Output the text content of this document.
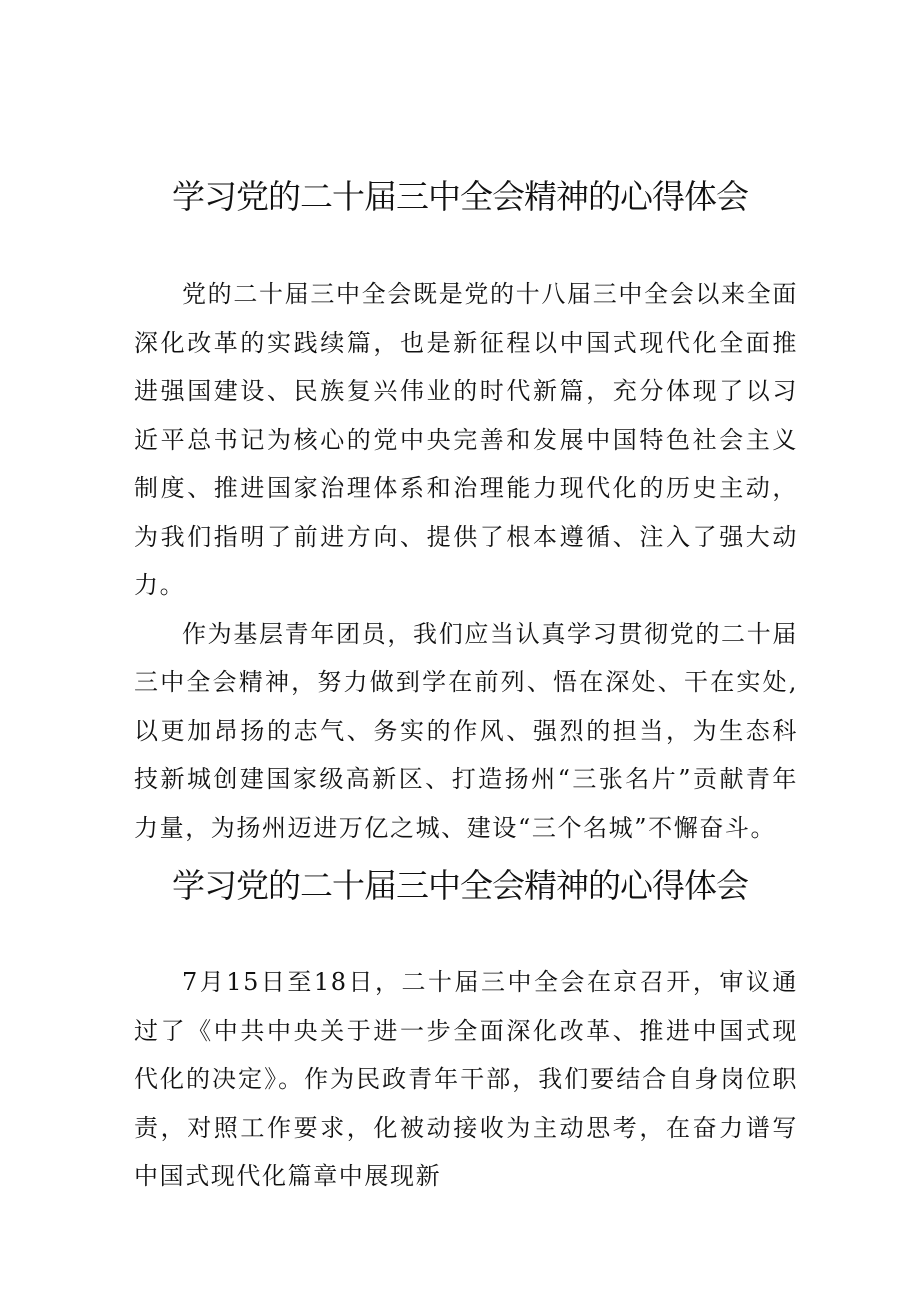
学习党的二十届三中全会精神的心得体会

党的二十届三中全会既是党的十八届三中全会以来全面深化改革的实践续篇，也是新征程以中国式现代化全面推进强国建设、民族复兴伟业的时代新篇，充分体现了以习近平总书记为核心的党中央完善和发展中国特色社会主义制度、推进国家治理体系和治理能力现代化的历史主动，为我们指明了前进方向、提供了根本遵循、注入了强大动力。

作为基层青年团员，我们应当认真学习贯彻党的二十届三中全会精神，努力做到学在前列、悟在深处、干在实处,以更加昂扬的志气、务实的作风、强烈的担当，为生态科技新城创建国家级高新区、打造扬州“三张名片”贡献青年力量，为扬州迈进万亿之城、建设“三个名城”不懈奋斗。

学习党的二十届三中全会精神的心得体会

7月15日至18日，二十届三中全会在京召开，审议通过了《中共中央关于进一步全面深化改革、推进中国式现代化的决定》。作为民政青年干部，我们要结合自身岗位职责，对照工作要求，化被动接收为主动思考，在奋力谱写中国式现代化篇章中展现新
